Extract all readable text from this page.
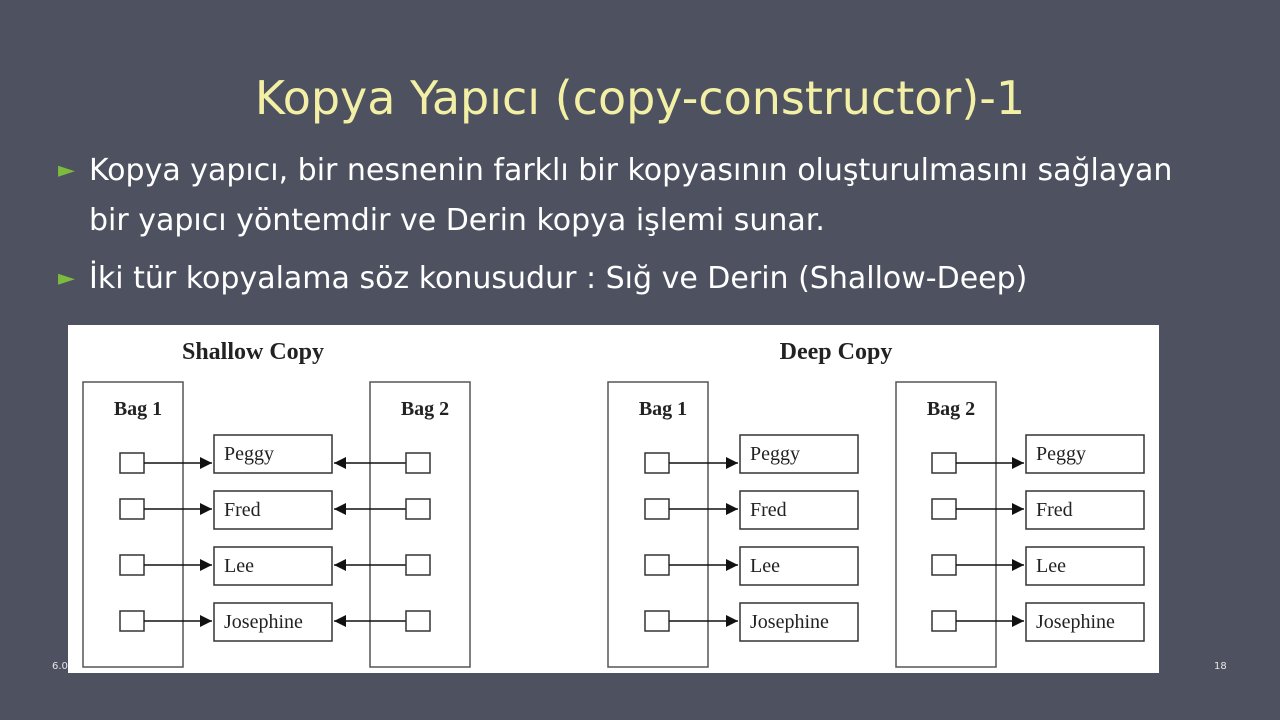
Kopya Yapıcı (copy-constructor)-1
► Kopya yapıcı, bir nesnenin farklı bir kopyasının oluşturulmasını sağlayan bir yapıcı yöntemdir ve Derin kopya işlemi sunar.
► İki tür kopyalama söz konusudur : Sığ ve Derin (Shallow-Deep)
Shallow Copy	Deep Copy
Bag 1	Bag 2	Bag 1	Bag 2
Peggy
Fred
Lee
Josephine
Peggy
Fred
Lee
Josephine
Peggy
Fred
Lee
Josephine
6.0	18
